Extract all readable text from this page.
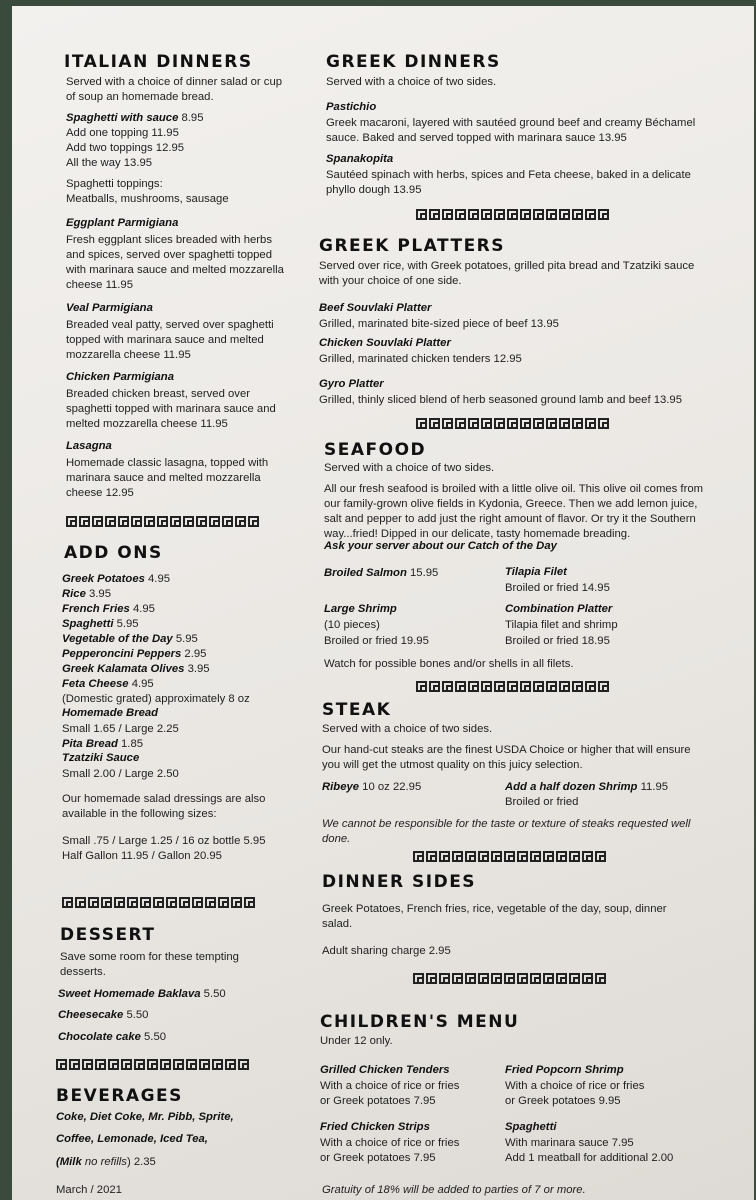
ITALIAN DINNERS
Served with a choice of dinner salad or cup
of soup an homemade bread.
Spaghetti with sauce 8.95
Add one topping 11.95
Add two toppings 12.95
All the way 13.95
Spaghetti toppings:
Meatballs, mushrooms, sausage
Eggplant Parmigiana
Fresh eggplant slices breaded with herbs
and spices, served over spaghetti topped
with marinara sauce and melted mozzarella
cheese 11.95
Veal Parmigiana
Breaded veal patty, served over spaghetti
topped with marinara sauce and melted
mozzarella cheese 11.95
Chicken Parmigiana
Breaded chicken breast, served over
spaghetti topped with marinara sauce and
melted mozzarella cheese 11.95
Lasagna
Homemade classic lasagna, topped with
marinara sauce and melted mozzarella
cheese 12.95
ADD ONS
Greek Potatoes 4.95
Rice 3.95
French Fries 4.95
Spaghetti 5.95
Vegetable of the Day 5.95
Pepperoncini Peppers 2.95
Greek Kalamata Olives 3.95
Feta Cheese 4.95
(Domestic grated) approximately 8 oz
Homemade Bread
Small 1.65 / Large 2.25
Pita Bread 1.85
Tzatziki Sauce
Small 2.00 / Large 2.50
Our homemade salad dressings are also
available in the following sizes:
Small .75 / Large 1.25 / 16 oz bottle 5.95
Half Gallon 11.95 / Gallon 20.95
DESSERT
Save some room for these tempting
desserts.
Sweet Homemade Baklava 5.50
Cheesecake 5.50
Chocolate cake 5.50
BEVERAGES
Coke, Diet Coke, Mr. Pibb, Sprite,
Coffee, Lemonade, Iced Tea,
(Milk no refills) 2.35
March / 2021
GREEK DINNERS
Served with a choice of two sides.
Pastichio
Greek macaroni, layered with sautéed ground beef and creamy Béchamel
sauce. Baked and served topped with marinara sauce 13.95
Spanakopita
Sautéed spinach with herbs, spices and Feta cheese, baked in a delicate
phyllo dough 13.95
GREEK PLATTERS
Served over rice, with Greek potatoes, grilled pita bread and Tzatziki sauce
with your choice of one side.
Beef Souvlaki Platter
Grilled, marinated bite-sized piece of beef 13.95
Chicken Souvlaki Platter
Grilled, marinated chicken tenders 12.95
Gyro Platter
Grilled, thinly sliced blend of herb seasoned ground lamb and beef 13.95
SEAFOOD
Served with a choice of two sides.
All our fresh seafood is broiled with a little olive oil. This olive oil comes from
our family-grown olive fields in Kydonia, Greece. Then we add lemon juice,
salt and pepper to add just the right amount of flavor. Or try it the Southern
way...fried! Dipped in our delicate, tasty homemade breading.
Ask your server about our Catch of the Day
Broiled Salmon 15.95	Tilapia Filet
Broiled or fried 14.95
Large Shrimp
(10 pieces)
Broiled or fried 19.95
Combination Platter
Tilapia filet and shrimp
Broiled or fried 18.95
Watch for possible bones and/or shells in all filets.
STEAK
Served with a choice of two sides.
Our hand-cut steaks are the finest USDA Choice or higher that will ensure
you will get the utmost quality on this juicy selection.
Ribeye 10 oz 22.95	Add a half dozen Shrimp 11.95
Broiled or fried
We cannot be responsible for the taste or texture of steaks requested well
done.
DINNER SIDES
Greek Potatoes, French fries, rice, vegetable of the day, soup, dinner
salad.
Adult sharing charge 2.95
CHILDREN'S MENU
Under 12 only.
Grilled Chicken Tenders
With a choice of rice or fries
or Greek potatoes 7.95
Fried Popcorn Shrimp
With a choice of rice or fries
or Greek potatoes 9.95
Fried Chicken Strips
With a choice of rice or fries
or Greek potatoes 7.95
Spaghetti
With marinara sauce 7.95
Add 1 meatball for additional 2.00
Gratuity of 18% will be added to parties of 7 or more.
